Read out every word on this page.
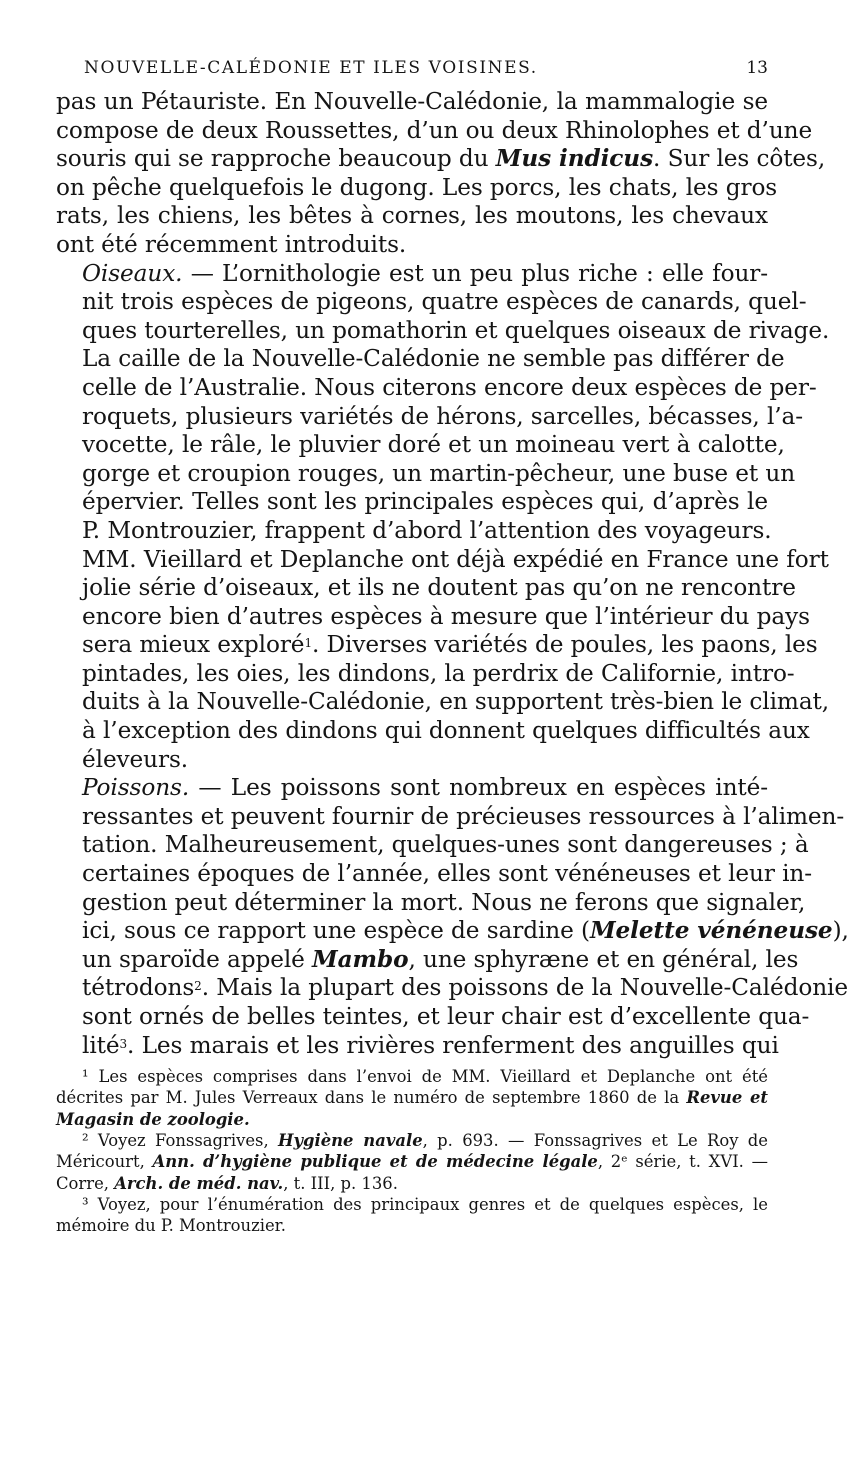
NOUVELLE-CALÉDONIE ET ILES VOISINES.	13

pas un Pétauriste. En Nouvelle-Calédonie, la mammalogie se
compose de deux Roussettes, d’un ou deux Rhinolophes et d’une
souris qui se rapproche beaucoup du Mus indicus. Sur les côtes,
on pêche quelquefois le dugong. Les porcs, les chats, les gros
rats, les chiens, les bêtes à cornes, les moutons, les chevaux
ont été récemment introduits.

Oiseaux. — L’ornithologie est un peu plus riche : elle four-
nit trois espèces de pigeons, quatre espèces de canards, quel-
ques tourterelles, un pomathorin et quelques oiseaux de rivage.
La caille de la Nouvelle-Calédonie ne semble pas différer de
celle de l’Australie. Nous citerons encore deux espèces de per-
roquets, plusieurs variétés de hérons, sarcelles, bécasses, l’a-
vocette, le râle, le pluvier doré et un moineau vert à calotte,
gorge et croupion rouges, un martin-pêcheur, une buse et un
épervier. Telles sont les principales espèces qui, d’après le
P. Montrouzier, frappent d’abord l’attention des voyageurs.
MM. Vieillard et Deplanche ont déjà expédié en France une fort
jolie série d’oiseaux, et ils ne doutent pas qu’on ne rencontre
encore bien d’autres espèces à mesure que l’intérieur du pays
sera mieux exploré$^1$. Diverses variétés de poules, les paons, les
pintades, les oies, les dindons, la perdrix de Californie, intro-
duits à la Nouvelle-Calédonie, en supportent très-bien le climat,
à l’exception des dindons qui donnent quelques difficultés aux
éleveurs.

Poissons. — Les poissons sont nombreux en espèces inté-
ressantes et peuvent fournir de précieuses ressources à l’alimen-
tation. Malheureusement, quelques-unes sont dangereuses ; à
certaines époques de l’année, elles sont vénéneuses et leur in-
gestion peut déterminer la mort. Nous ne ferons que signaler,
ici, sous ce rapport une espèce de sardine (Melette vénéneuse),
un sparoïde appelé Mambo, une sphyræne et en général, les
tétrodons$^2$. Mais la plupart des poissons de la Nouvelle-Calédonie
sont ornés de belles teintes, et leur chair est d’excellente qua-
lité$^3$. Les marais et les rivières renferment des anguilles qui

¹ Les espèces comprises dans l’envoi de MM. Vieillard et Deplanche ont été
décrites par M. Jules Verreaux dans le numéro de septembre 1860 de la Revue et
Magasin de zoologie.

² Voyez Fonssagrives, Hygiène navale, p. 693. — Fonssagrives et Le Roy de
Méricourt, Ann. d’hygiène publique et de médecine légale, 2ᵉ série, t. XVI. —
Corre, Arch. de méd. nav., t. III, p. 136.

³ Voyez, pour l’énumération des principaux genres et de quelques espèces, le
mémoire du P. Montrouzier.
